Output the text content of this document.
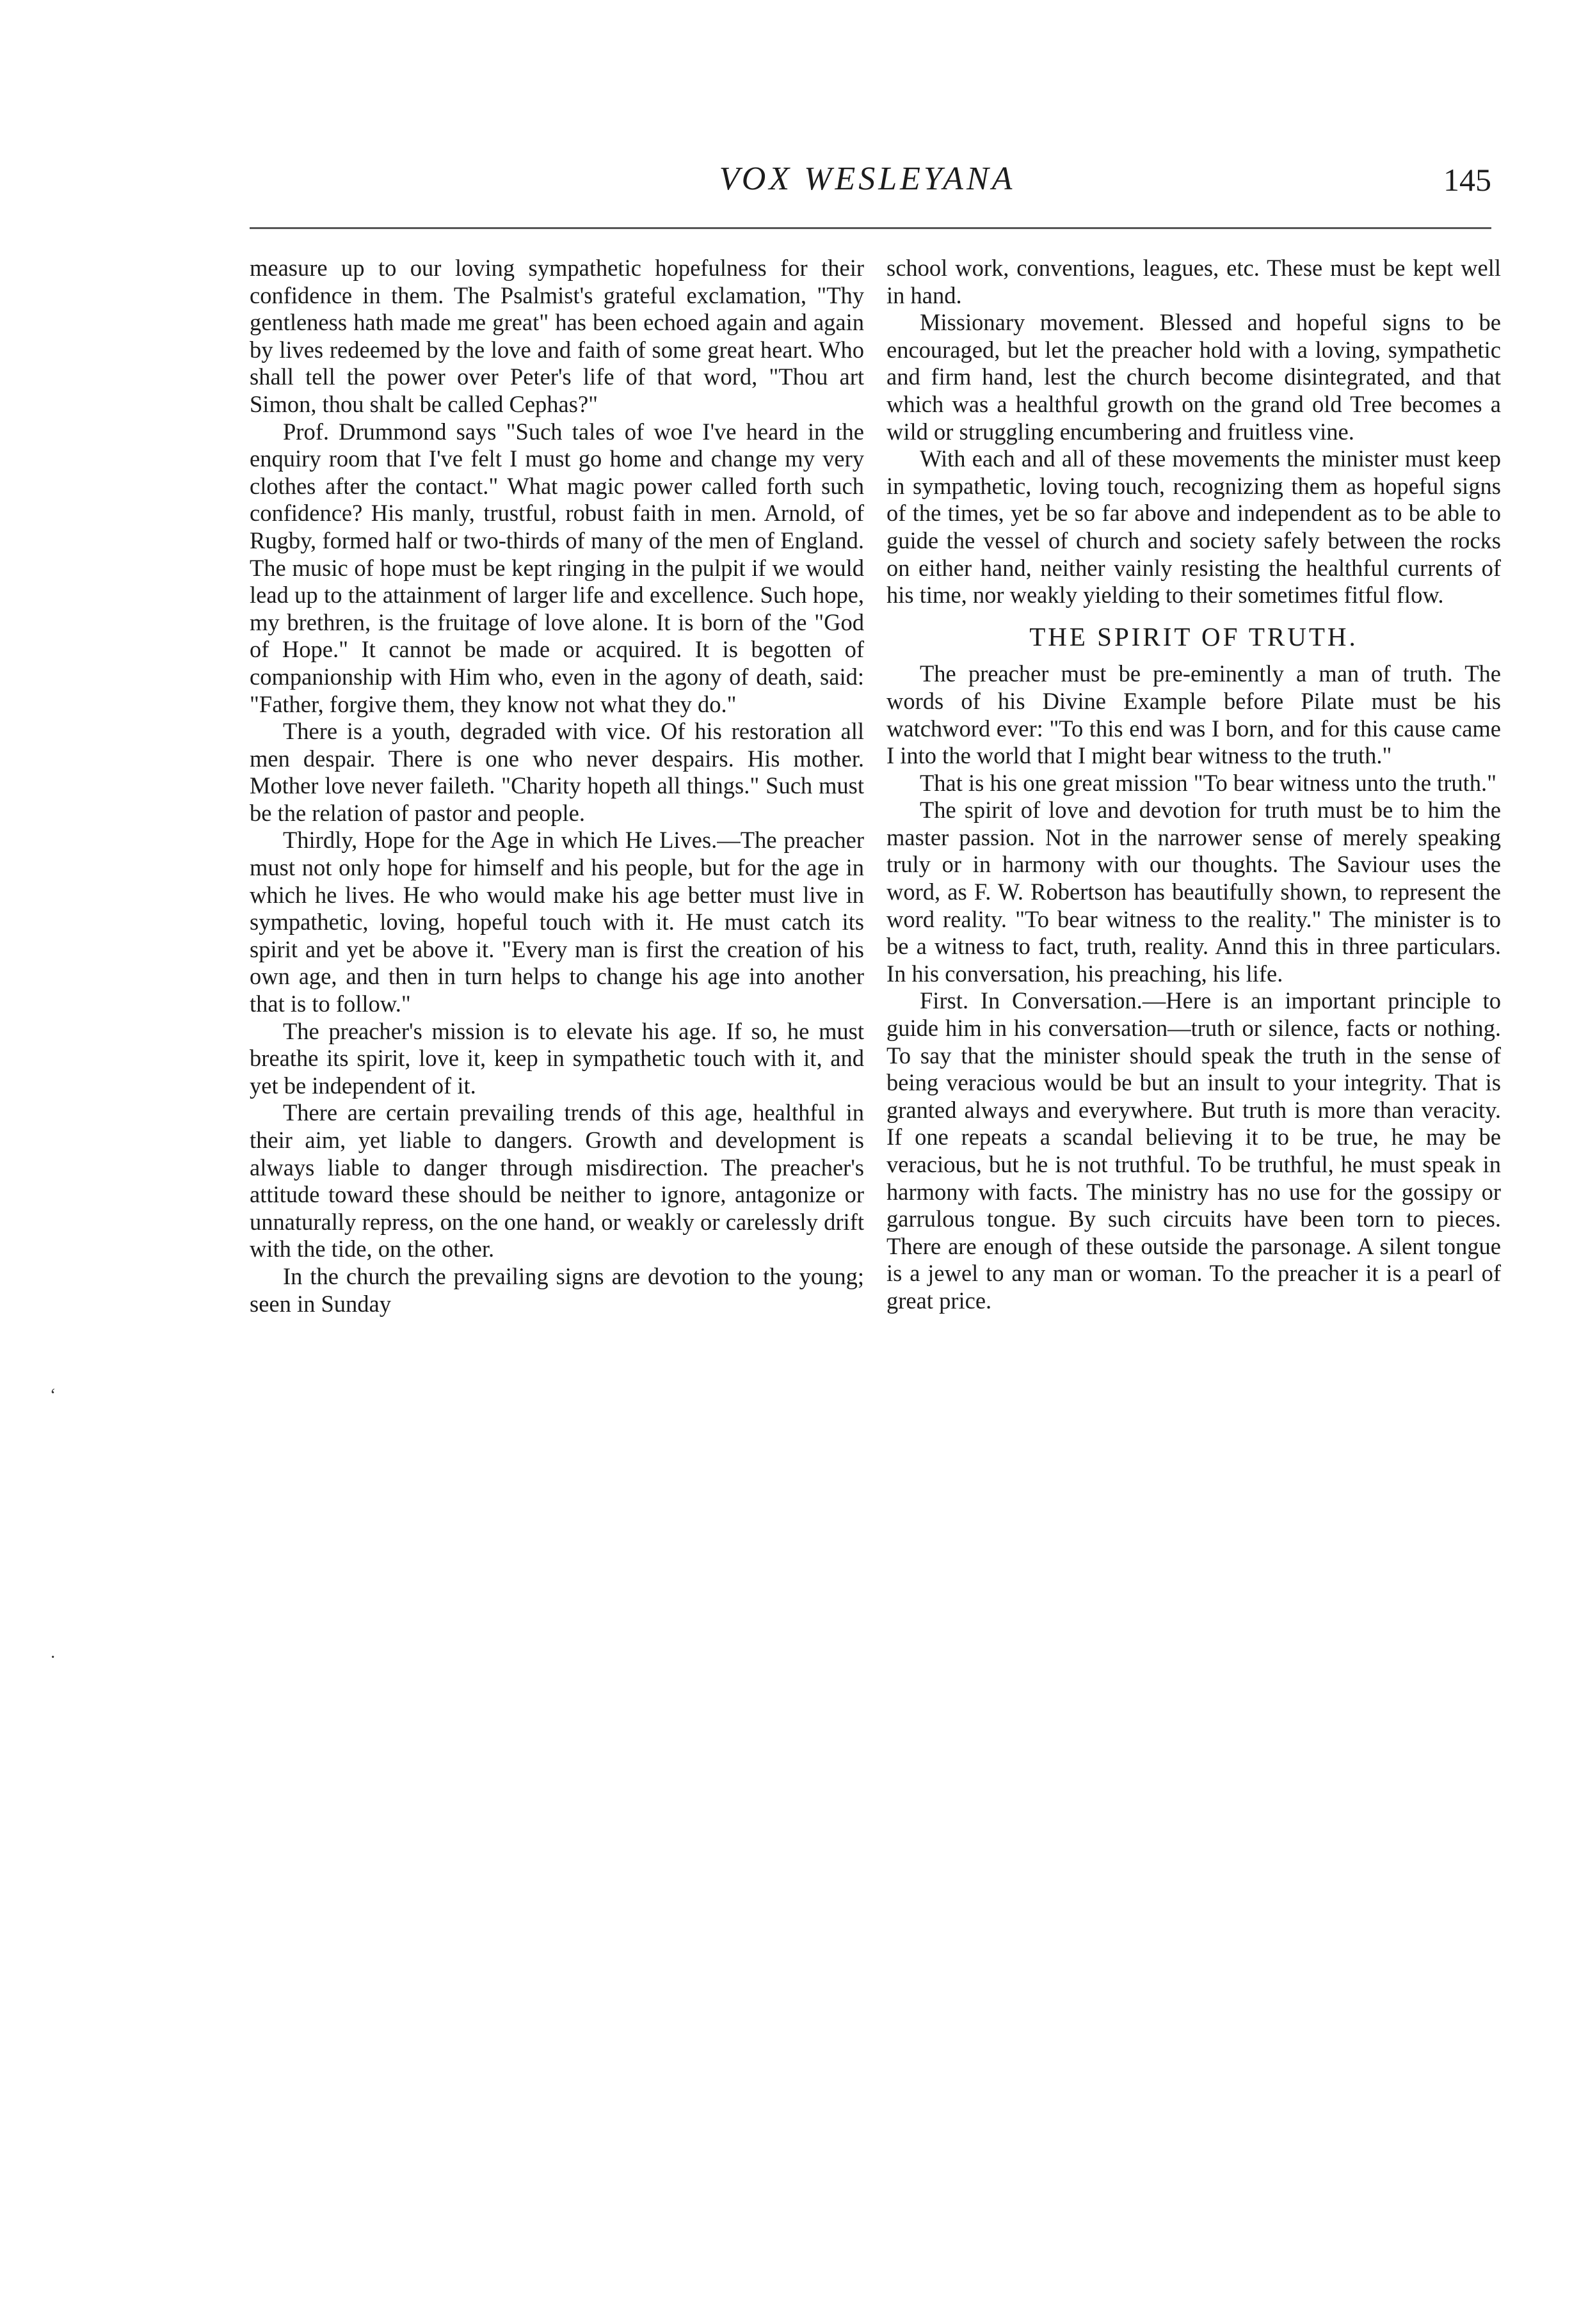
VOX WESLEYANA	145
‘
·

measure up to our loving sympathetic hopefulness for their confidence in them. The Psalmist's grateful exclamation, "Thy gentleness hath made me great" has been echoed again and again by lives redeemed by the love and faith of some great heart. Who shall tell the power over Peter's life of that word, "Thou art Simon, thou shalt be called Cephas?"

Prof. Drummond says "Such tales of woe I've heard in the enquiry room that I've felt I must go home and change my very clothes after the contact." What magic power called forth such confidence? His manly, trustful, robust faith in men. Arnold, of Rugby, formed half or two-thirds of many of the men of England. The music of hope must be kept ringing in the pulpit if we would lead up to the attainment of larger life and excellence. Such hope, my brethren, is the fruitage of love alone. It is born of the "God of Hope." It cannot be made or acquired. It is begotten of companionship with Him who, even in the agony of death, said: "Father, forgive them, they know not what they do."

There is a youth, degraded with vice. Of his restoration all men despair. There is one who never despairs. His mother. Mother love never faileth. "Charity hopeth all things." Such must be the relation of pastor and people.

Thirdly, Hope for the Age in which He Lives.—The preacher must not only hope for himself and his people, but for the age in which he lives. He who would make his age better must live in sympathetic, loving, hopeful touch with it. He must catch its spirit and yet be above it. "Every man is first the creation of his own age, and then in turn helps to change his age into another that is to follow."

The preacher's mission is to elevate his age. If so, he must breathe its spirit, love it, keep in sympathetic touch with it, and yet be independent of it.

There are certain prevailing trends of this age, healthful in their aim, yet liable to dangers. Growth and development is always liable to danger through misdirection. The preacher's attitude toward these should be neither to ignore, antagonize or unnaturally repress, on the one hand, or weakly or carelessly drift with the tide, on the other.

In the church the prevailing signs are devotion to the young; seen in Sunday

school work, conventions, leagues, etc. These must be kept well in hand.

Missionary movement. Blessed and hopeful signs to be encouraged, but let the preacher hold with a loving, sympathetic and firm hand, lest the church become disintegrated, and that which was a healthful growth on the grand old Tree becomes a wild or struggling encumbering and fruitless vine.

With each and all of these movements the minister must keep in sympathetic, loving touch, recognizing them as hopeful signs of the times, yet be so far above and independent as to be able to guide the vessel of church and society safely between the rocks on either hand, neither vainly resisting the healthful currents of his time, nor weakly yielding to their sometimes fitful flow.

THE SPIRIT OF TRUTH.

The preacher must be pre-eminently a man of truth. The words of his Divine Example before Pilate must be his watchword ever: "To this end was I born, and for this cause came I into the world that I might bear witness to the truth."

That is his one great mission "To bear witness unto the truth."

The spirit of love and devotion for truth must be to him the master passion. Not in the narrower sense of merely speaking truly or in harmony with our thoughts. The Saviour uses the word, as F. W. Robertson has beautifully shown, to represent the word reality. "To bear witness to the reality." The minister is to be a witness to fact, truth, reality. Annd this in three particulars. In his conversation, his preaching, his life.

First. In Conversation.—Here is an important principle to guide him in his conversation—truth or silence, facts or nothing. To say that the minister should speak the truth in the sense of being veracious would be but an insult to your integrity. That is granted always and everywhere. But truth is more than veracity. If one repeats a scandal believing it to be true, he may be veracious, but he is not truthful. To be truthful, he must speak in harmony with facts. The ministry has no use for the gossipy or garrulous tongue. By such circuits have been torn to pieces. There are enough of these outside the parsonage. A silent tongue is a jewel to any man or woman. To the preacher it is a pearl of great price.
